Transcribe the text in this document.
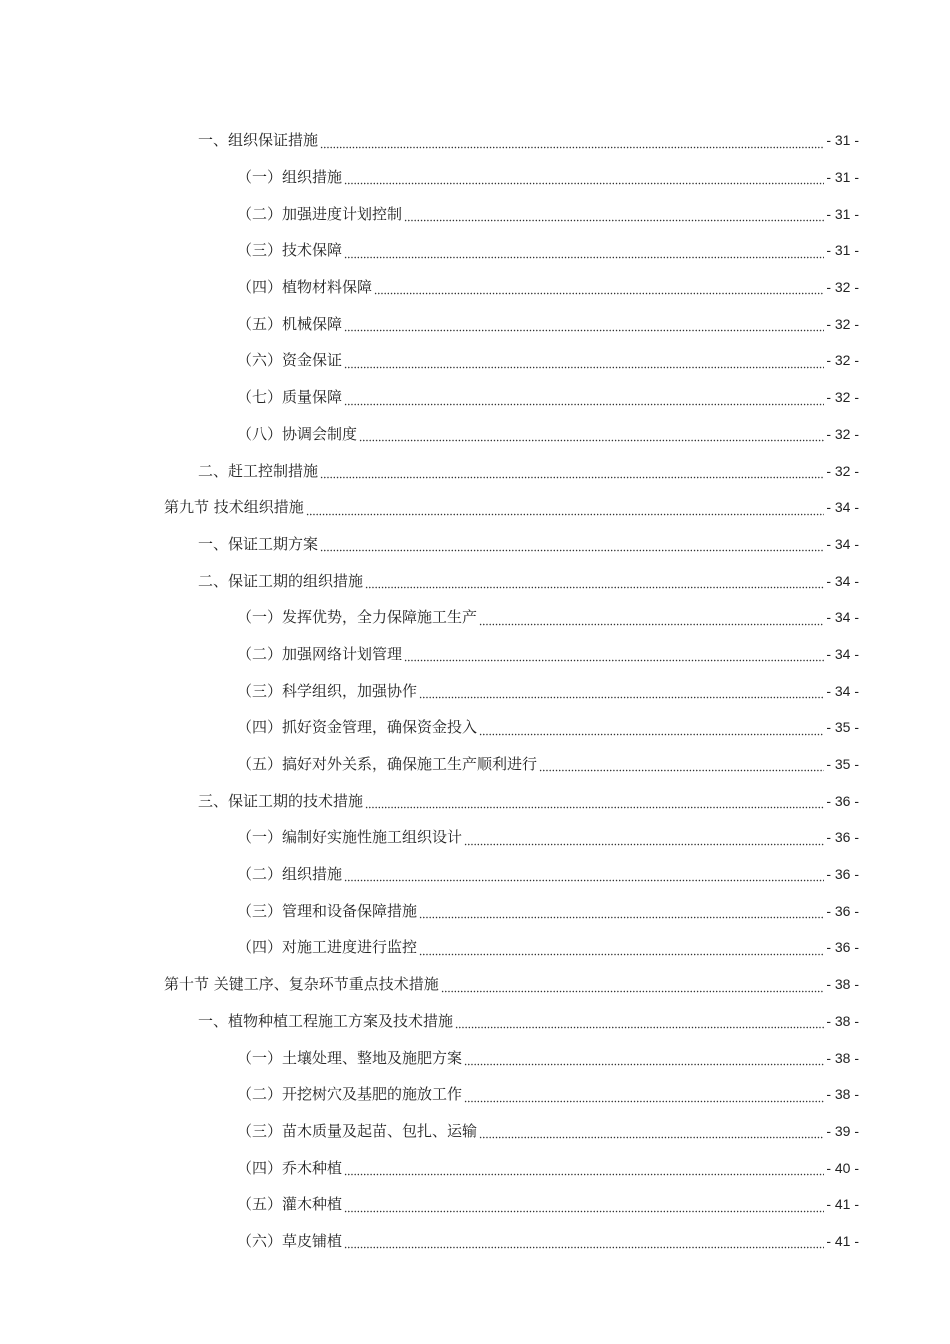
一、组织保证措施	- 31 -
（一）组织措施	- 31 -
（二）加强进度计划控制	- 31 -
（三）技术保障	- 31 -
（四）植物材料保障	- 32 -
（五）机械保障	- 32 -
（六）资金保证	- 32 -
（七）质量保障	- 32 -
（八）协调会制度	- 32 -
二、赶工控制措施	- 32 -
第九节 技术组织措施	- 34 -
一、保证工期方案	- 34 -
二、保证工期的组织措施	- 34 -
（一）发挥优势，全力保障施工生产	- 34 -
（二）加强网络计划管理	- 34 -
（三）科学组织，加强协作	- 34 -
（四）抓好资金管理，确保资金投入	- 35 -
（五）搞好对外关系，确保施工生产顺利进行	- 35 -
三、保证工期的技术措施	- 36 -
（一）编制好实施性施工组织设计	- 36 -
（二）组织措施	- 36 -
（三）管理和设备保障措施	- 36 -
（四）对施工进度进行监控	- 36 -
第十节 关键工序、复杂环节重点技术措施	- 38 -
一、植物种植工程施工方案及技术措施	- 38 -
（一）土壤处理、整地及施肥方案	- 38 -
（二）开挖树穴及基肥的施放工作	- 38 -
（三）苗木质量及起苗、包扎、运输	- 39 -
（四）乔木种植	- 40 -
（五）灌木种植	- 41 -
（六）草皮铺植	- 41 -
